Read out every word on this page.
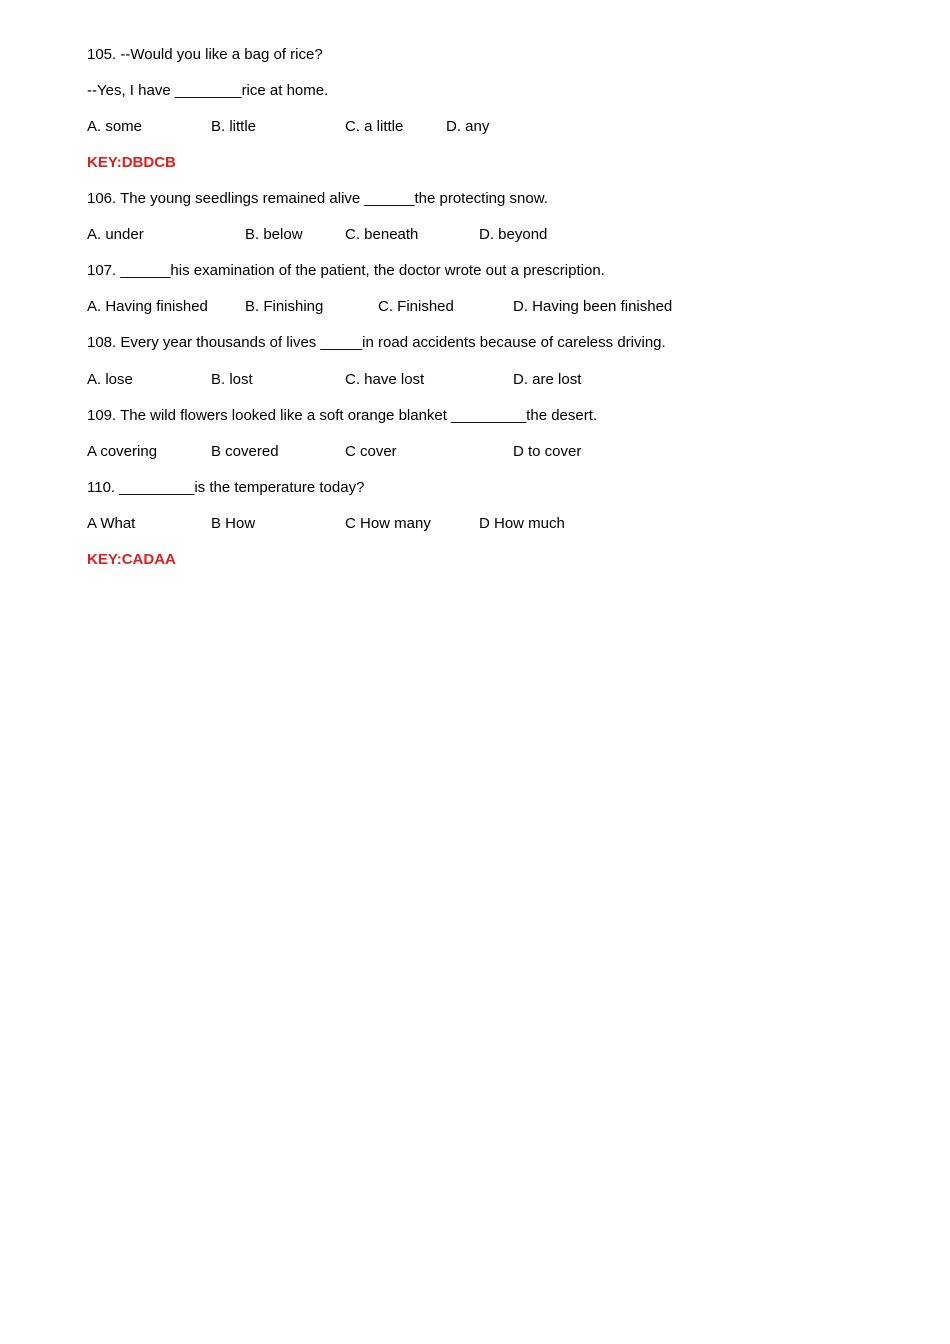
105. --Would you like a bag of rice?
--Yes, I have ________rice at home.
A. some	B. little	C. a little	D. any
KEY:DBDCB
106. The young seedlings remained alive ______the protecting snow.
A. under	B. below	C. beneath	D. beyond
107. ______his examination of the patient, the doctor wrote out a prescription.
A. Having finished B. Finishing	C. Finished	D. Having been finished
108. Every year thousands of lives _____in road accidents because of careless driving.
A. lose	B. lost	C. have lost	D. are lost
109. The wild flowers looked like a soft orange blanket _________the desert.
A covering	B covered	C cover	D to cover
110. _________is the temperature today?
A What	B How	C How many	D How much
KEY:CADAA
